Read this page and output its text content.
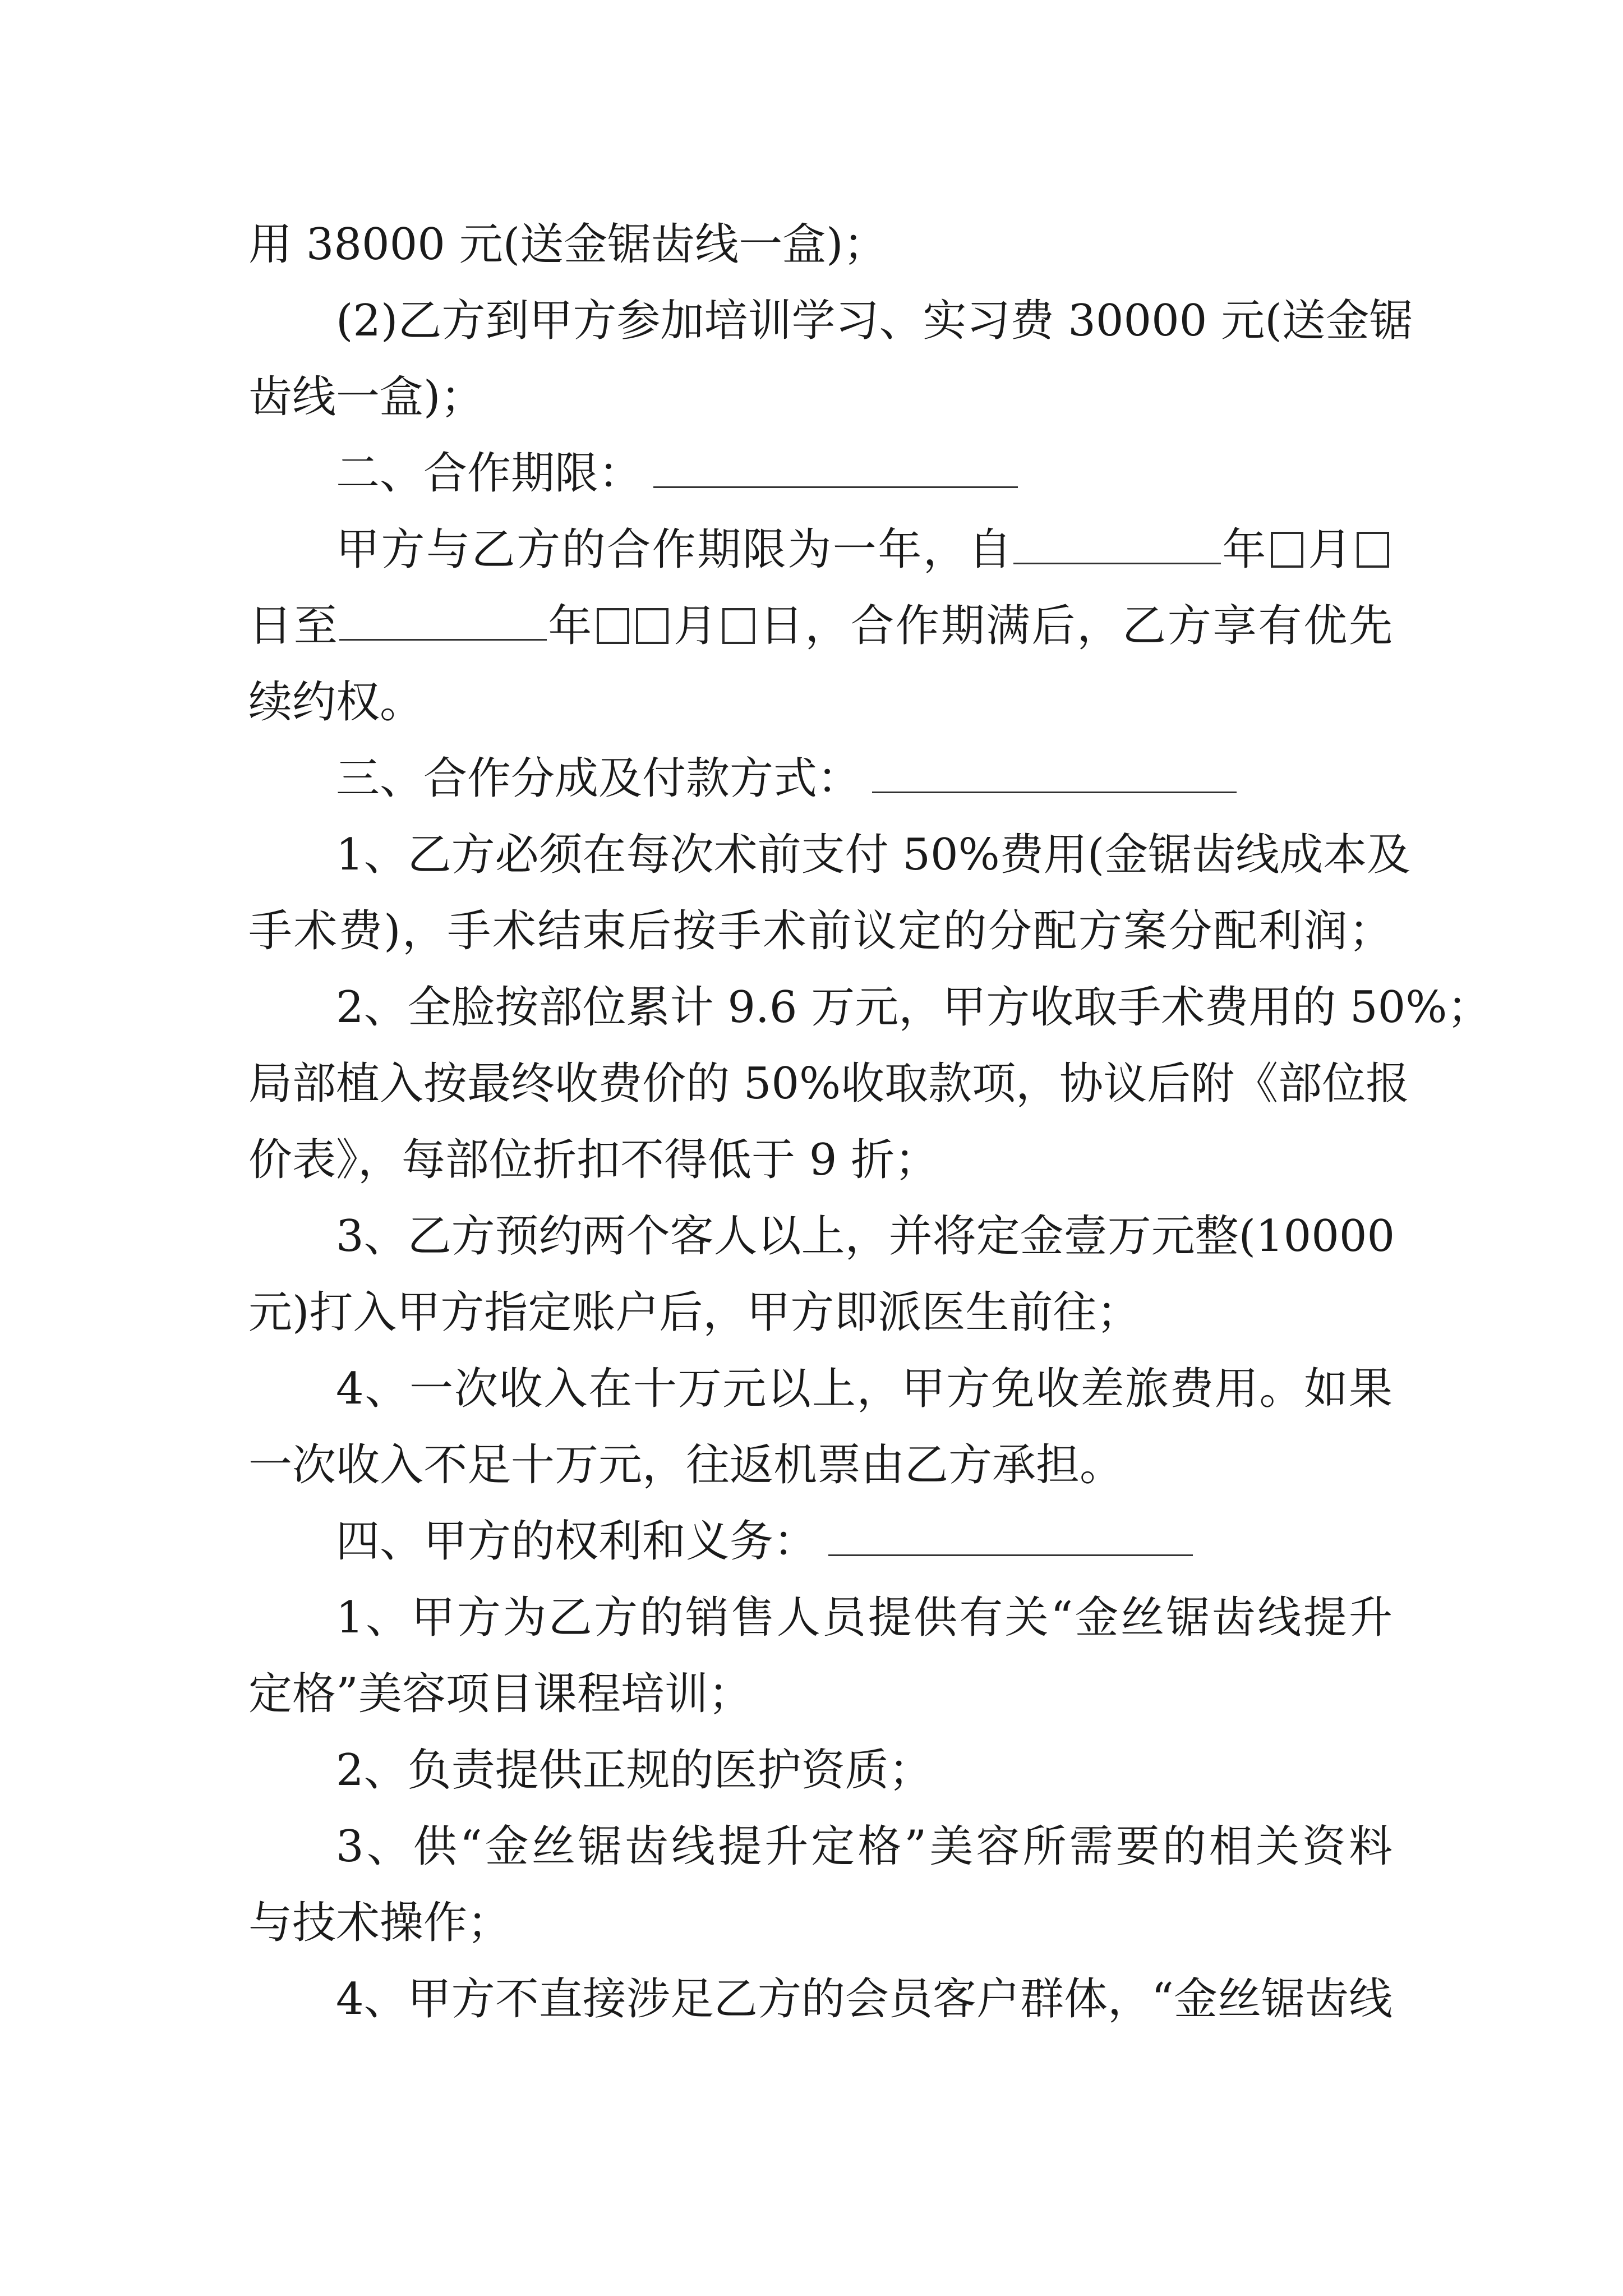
用 38000 元(送金锯齿线一盒)；
(2)乙方到甲方参加培训学习、实习费 30000 元(送金锯
齿线一盒)；
二、合作期限：
甲方与乙方的合作期限为一年，自	年 月
日至	年 月 日，合作期满后，乙方享有优先
续约权。
三、合作分成及付款方式：
1、乙方必须在每次术前支付 50%费用(金锯齿线成本及
手术费)，手术结束后按手术前议定的分配方案分配利润；
2、全脸按部位累计 9.6 万元，甲方收取手术费用的 50%；
局部植入按最终收费价的 50%收取款项，协议后附《部位报
价表》，每部位折扣不得低于 9 折；
3、乙方预约两个客人以上，并将定金壹万元整(10000
元)打入甲方指定账户后，甲方即派医生前往；
4、一次收入在十万元以上，甲方免收差旅费用。如果
一次收入不足十万元，往返机票由乙方承担。
四、甲方的权利和义务：
1、甲方为乙方的销售人员提供有关“金丝锯齿线提升
定格”美容项目课程培训；
2、负责提供正规的医护资质；
3、供“金丝锯齿线提升定格”美容所需要的相关资料
与技术操作；
4、甲方不直接涉足乙方的会员客户群体，“金丝锯齿线
